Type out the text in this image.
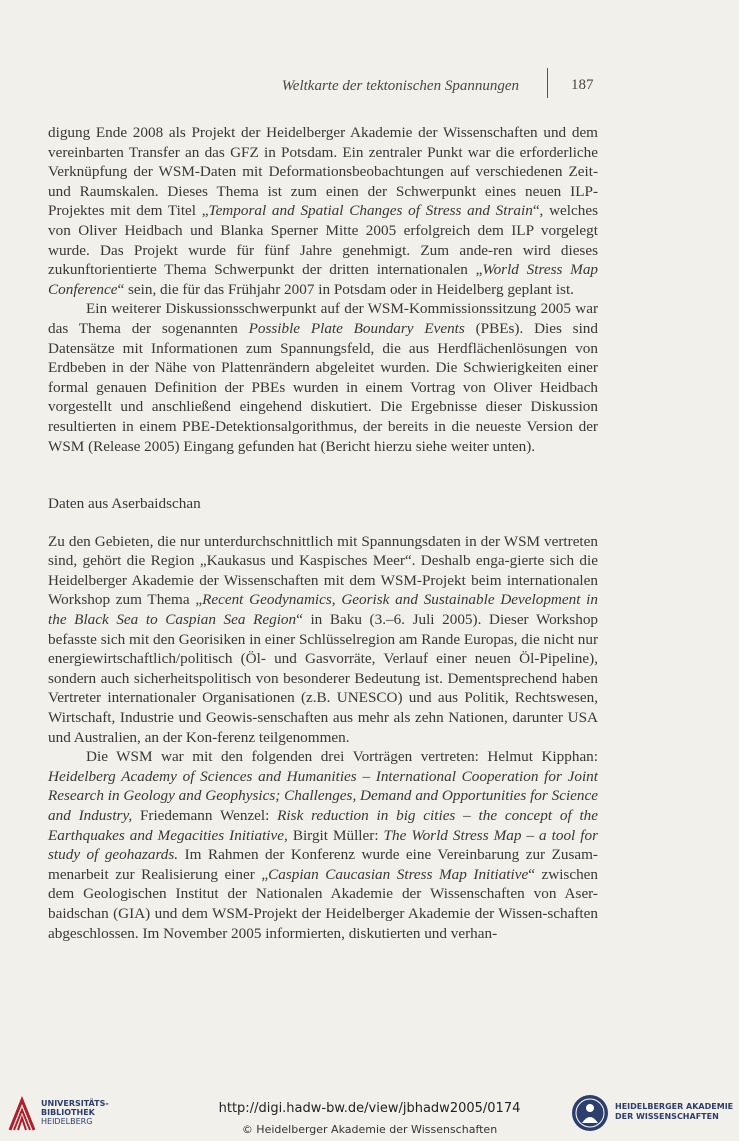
Weltkarte der tektonischen Spannungen	187

digung Ende 2008 als Projekt der Heidelberger Akademie der Wissenschaften und dem vereinbarten Transfer an das GFZ in Potsdam. Ein zentraler Punkt war die erforderliche Verknüpfung der WSM-Daten mit Deformationsbeobachtungen auf verschiedenen Zeit- und Raumskalen. Dieses Thema ist zum einen der Schwerpunkt eines neuen ILP-Projektes mit dem Titel „Temporal and Spatial Changes of Stress and Strain“, welches von Oliver Heidbach und Blanka Sperner Mitte 2005 erfolgreich dem ILP vorgelegt wurde. Das Projekt wurde für fünf Jahre genehmigt. Zum ande-ren wird dieses zukunftorientierte Thema Schwerpunkt der dritten internationalen „World Stress Map Conference“ sein, die für das Frühjahr 2007 in Potsdam oder in Heidelberg geplant ist.

Ein weiterer Diskussionsschwerpunkt auf der WSM-Kommissionssitzung 2005 war das Thema der sogenannten Possible Plate Boundary Events (PBEs). Dies sind Datensätze mit Informationen zum Spannungsfeld, die aus Herdflächenlösungen von Erdbeben in der Nähe von Plattenrändern abgeleitet wurden. Die Schwierigkeiten einer formal genauen Definition der PBEs wurden in einem Vortrag von Oliver Heidbach vorgestellt und anschließend eingehend diskutiert. Die Ergebnisse dieser Diskussion resultierten in einem PBE-Detektionsalgorithmus, der bereits in die neueste Version der WSM (Release 2005) Eingang gefunden hat (Bericht hierzu siehe weiter unten).

Daten aus Aserbaidschan

Zu den Gebieten, die nur unterdurchschnittlich mit Spannungsdaten in der WSM vertreten sind, gehört die Region „Kaukasus und Kaspisches Meer“. Deshalb enga-gierte sich die Heidelberger Akademie der Wissenschaften mit dem WSM-Projekt beim internationalen Workshop zum Thema „Recent Geodynamics, Georisk and Sustainable Development in the Black Sea to Caspian Sea Region“ in Baku (3.–6. Juli 2005). Dieser Workshop befasste sich mit den Georisiken in einer Schlüsselregion am Rande Europas, die nicht nur energiewirtschaftlich/politisch (Öl- und Gasvorräte, Verlauf einer neuen Öl-Pipeline), sondern auch sicherheitspolitisch von besonderer Bedeutung ist. Dementsprechend haben Vertreter internationaler Organisationen (z.B. UNESCO) und aus Politik, Rechtswesen, Wirtschaft, Industrie und Geowis-senschaften aus mehr als zehn Nationen, darunter USA und Australien, an der Kon-ferenz teilgenommen.

Die WSM war mit den folgenden drei Vorträgen vertreten: Helmut Kipphan: Heidelberg Academy of Sciences and Humanities – International Cooperation for Joint Research in Geology and Geophysics; Challenges, Demand and Opportunities for Science and Industry, Friedemann Wenzel: Risk reduction in big cities – the concept of the Earthquakes and Megacities Initiative, Birgit Müller: The World Stress Map – a tool for study of geohazards. Im Rahmen der Konferenz wurde eine Vereinbarung zur Zusam-menarbeit zur Realisierung einer „Caspian Caucasian Stress Map Initiative“ zwischen dem Geologischen Institut der Nationalen Akademie der Wissenschaften von Aser-baidschan (GIA) und dem WSM-Projekt der Heidelberger Akademie der Wissen-schaften abgeschlossen. Im November 2005 informierten, diskutierten und verhan-

UNIVERSITÄTS-
BIBLIOTHEK
HEIDELBERG
http://digi.hadw-bw.de/view/jbhadw2005/0174
© Heidelberger Akademie der Wissenschaften
HEIDELBERGER AKADEMIE
DER WISSENSCHAFTEN
